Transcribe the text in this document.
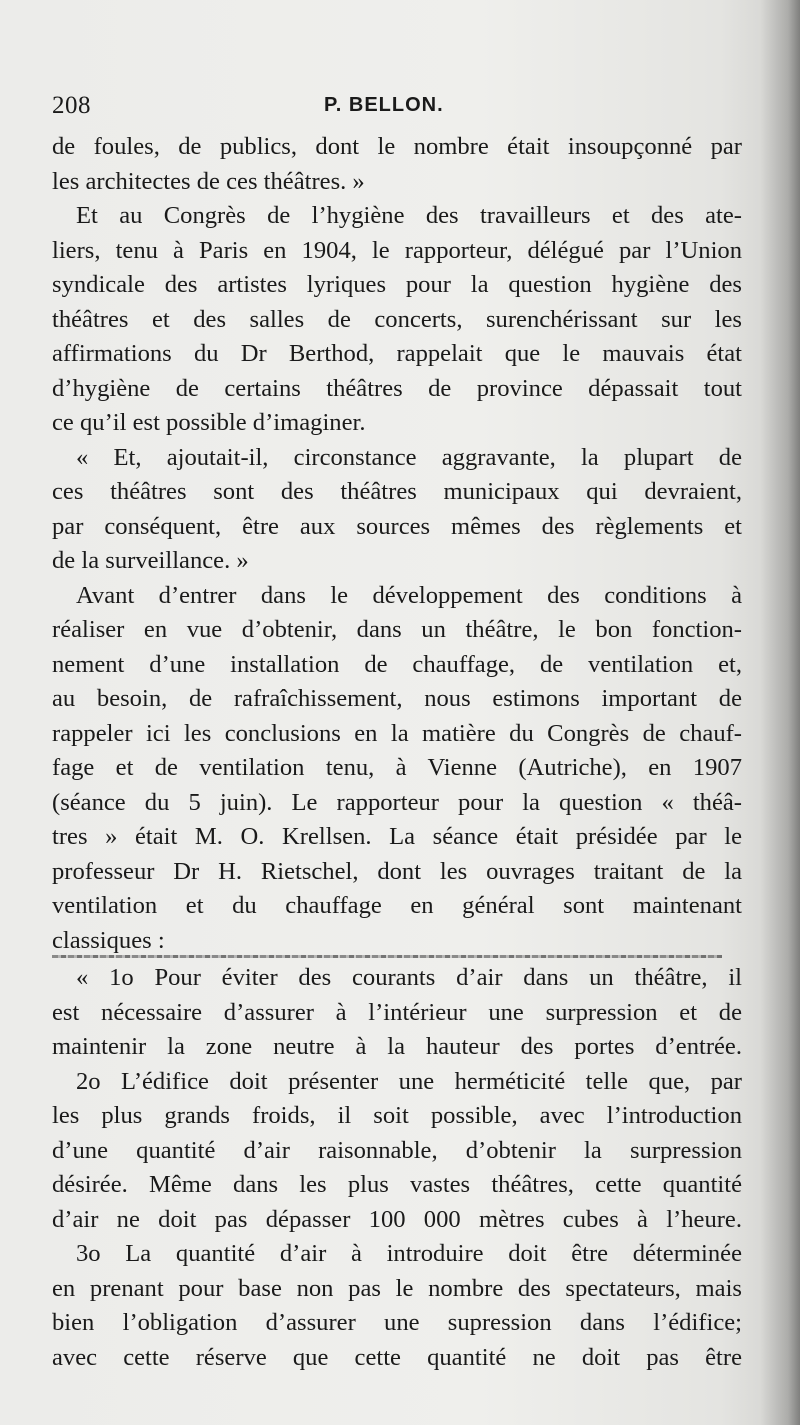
208	P. BELLON.
de foules, de publics, dont le nombre était insoupçonné par
les architectes de ces théâtres. »
Et au Congrès de l’hygiène des travailleurs et des ate-
liers, tenu à Paris en 1904, le rapporteur, délégué par l’Union
syndicale des artistes lyriques pour la question hygiène des
théâtres et des salles de concerts, surenchérissant sur les
affirmations du Dr Berthod, rappelait que le mauvais état
d’hygiène de certains théâtres de province dépassait tout
ce qu’il est possible d’imaginer.
« Et, ajoutait-il, circonstance aggravante, la plupart de
ces théâtres sont des théâtres municipaux qui devraient,
par conséquent, être aux sources mêmes des règlements et
de la surveillance. »
Avant d’entrer dans le développement des conditions à
réaliser en vue d’obtenir, dans un théâtre, le bon fonction-
nement d’une installation de chauffage, de ventilation et,
au besoin, de rafraîchissement, nous estimons important de
rappeler ici les conclusions en la matière du Congrès de chauf-
fage et de ventilation tenu, à Vienne (Autriche), en 1907
(séance du 5 juin). Le rapporteur pour la question « théâ-
tres » était M. O. Krellsen. La séance était présidée par le
professeur Dr H. Rietschel, dont les ouvrages traitant de la
ventilation et du chauffage en général sont maintenant
classiques :
« 1o Pour éviter des courants d’air dans un théâtre, il
est nécessaire d’assurer à l’intérieur une surpression et de
maintenir la zone neutre à la hauteur des portes d’entrée.
2o L’édifice doit présenter une herméticité telle que, par
les plus grands froids, il soit possible, avec l’introduction
d’une quantité d’air raisonnable, d’obtenir la surpression
désirée. Même dans les plus vastes théâtres, cette quantité
d’air ne doit pas dépasser 100 000 mètres cubes à l’heure.
3o La quantité d’air à introduire doit être déterminée
en prenant pour base non pas le nombre des spectateurs, mais
bien l’obligation d’assurer une supression dans l’édifice;
avec cette réserve que cette quantité ne doit pas être
